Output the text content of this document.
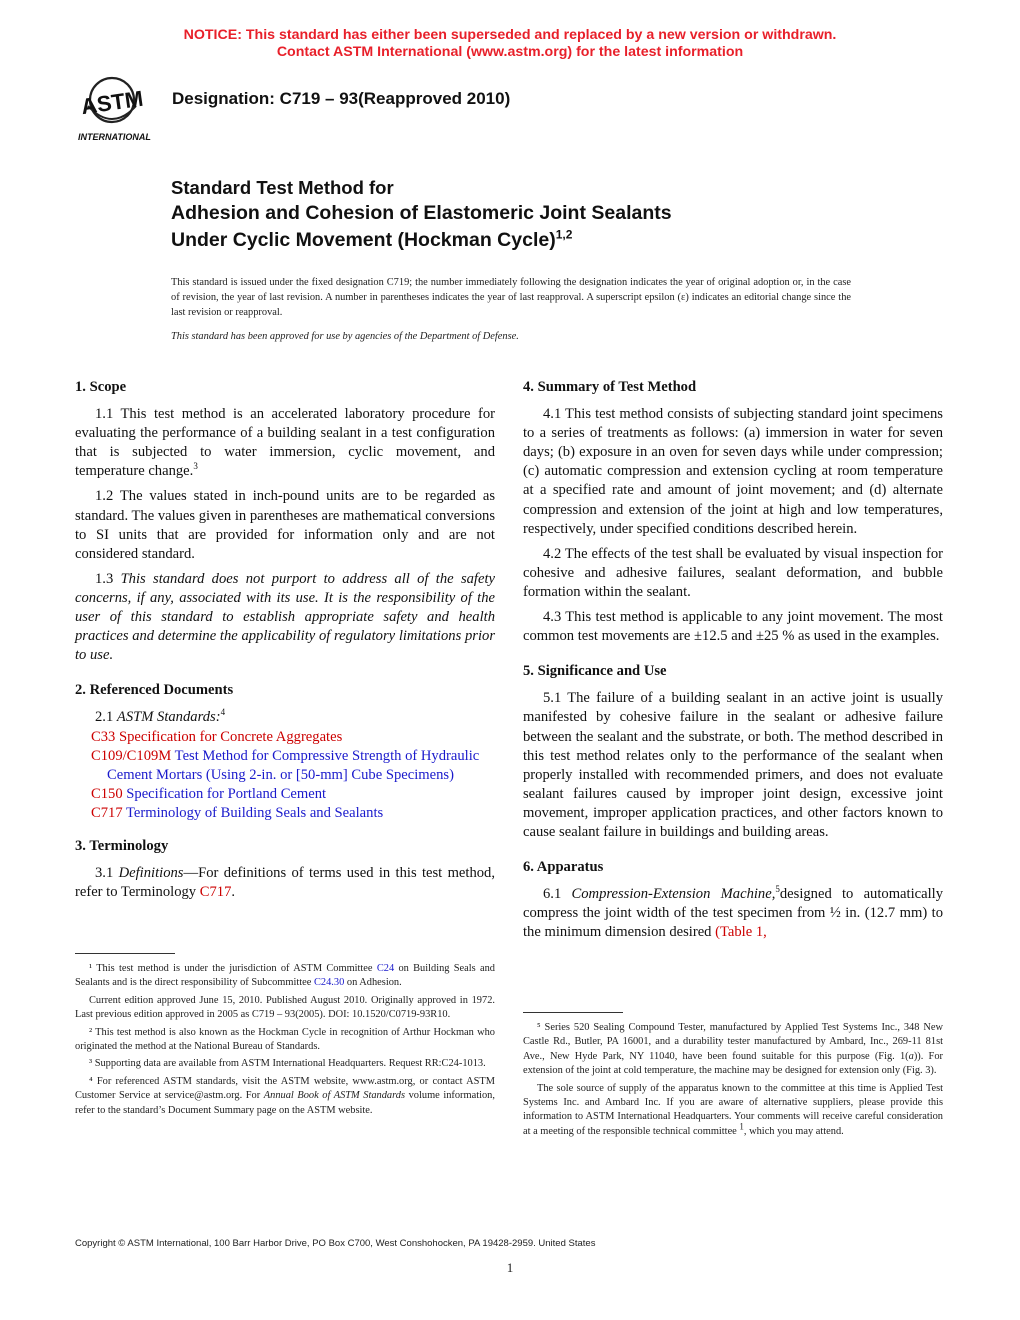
NOTICE: This standard has either been superseded and replaced by a new version or withdrawn.
Contact ASTM International (www.astm.org) for the latest information
ASTM
INTERNATIONAL
Designation: C719 – 93(Reapproved 2010)
Standard Test Method for
Adhesion and Cohesion of Elastomeric Joint Sealants
Under Cyclic Movement (Hockman Cycle)$^{1,2}$
This standard is issued under the fixed designation C719; the number immediately following the designation indicates the year of original adoption or, in the case of revision, the year of last revision. A number in parentheses indicates the year of last reapproval. A superscript epsilon (ε) indicates an editorial change since the last revision or reapproval.
This standard has been approved for use by agencies of the Department of Defense.
1. Scope

1.1 This test method is an accelerated laboratory procedure for evaluating the performance of a building sealant in a test configuration that is subjected to water immersion, cyclic movement, and temperature change.$^3$

1.2 The values stated in inch-pound units are to be regarded as standard. The values given in parentheses are mathematical conversions to SI units that are provided for information only and are not considered standard.

1.3 This standard does not purport to address all of the safety concerns, if any, associated with its use. It is the responsibility of the user of this standard to establish appropriate safety and health practices and determine the applicability of regulatory limitations prior to use.

2. Referenced Documents

2.1 ASTM Standards:$^4$

C33 Specification for Concrete Aggregates

C109/C109M Test Method for Compressive Strength of Hydraulic Cement Mortars (Using 2-in. or [50-mm] Cube Specimens)

C150 Specification for Portland Cement

C717 Terminology of Building Seals and Sealants

3. Terminology

3.1 Definitions—For definitions of terms used in this test method, refer to Terminology C717.

4. Summary of Test Method

4.1 This test method consists of subjecting standard joint specimens to a series of treatments as follows: (a) immersion in water for seven days; (b) exposure in an oven for seven days while under compression; (c) automatic compression and extension cycling at room temperature at a specified rate and amount of joint movement; and (d) alternate compression and extension of the joint at high and low temperatures, respectively, under specified conditions described herein.

4.2 The effects of the test shall be evaluated by visual inspection for cohesive and adhesive failures, sealant deformation, and bubble formation within the sealant.

4.3 This test method is applicable to any joint movement. The most common test movements are ±12.5 and ±25 % as used in the examples.

5. Significance and Use

5.1 The failure of a building sealant in an active joint is usually manifested by cohesive failure in the sealant or adhesive failure between the sealant and the substrate, or both. The method described in this test method relates only to the performance of the sealant when properly installed with recommended primers, and does not evaluate sealant failures caused by improper joint design, excessive joint movement, improper application practices, and other factors known to cause sealant failure in buildings and building areas.

6. Apparatus

6.1 Compression-Extension Machine,$^5$designed to automatically compress the joint width of the test specimen from ½ in. (12.7 mm) to the minimum dimension desired (Table 1,

¹ This test method is under the jurisdiction of ASTM Committee C24 on Building Seals and Sealants and is the direct responsibility of Subcommittee C24.30 on Adhesion.

Current edition approved June 15, 2010. Published August 2010. Originally approved in 1972. Last previous edition approved in 2005 as C719 – 93(2005). DOI: 10.1520/C0719-93R10.

² This test method is also known as the Hockman Cycle in recognition of Arthur Hockman who originated the method at the National Bureau of Standards.

³ Supporting data are available from ASTM International Headquarters. Request RR:C24-1013.

⁴ For referenced ASTM standards, visit the ASTM website, www.astm.org, or contact ASTM Customer Service at service@astm.org. For Annual Book of ASTM Standards volume information, refer to the standard’s Document Summary page on the ASTM website.

⁵ Series 520 Sealing Compound Tester, manufactured by Applied Test Systems Inc., 348 New Castle Rd., Butler, PA 16001, and a durability tester manufactured by Ambard, Inc., 269-11 81st Ave., New Hyde Park, NY 11040, have been found suitable for this purpose (Fig. 1(a)). For extension of the joint at cold temperature, the machine may be designed for extension only (Fig. 3).

The sole source of supply of the apparatus known to the committee at this time is Applied Test Systems Inc. and Ambard Inc. If you are aware of alternative suppliers, please provide this information to ASTM International Headquarters. Your comments will receive careful consideration at a meeting of the responsible technical committee $^1$, which you may attend.

Copyright © ASTM International, 100 Barr Harbor Drive, PO Box C700, West Conshohocken, PA 19428-2959. United States
1
